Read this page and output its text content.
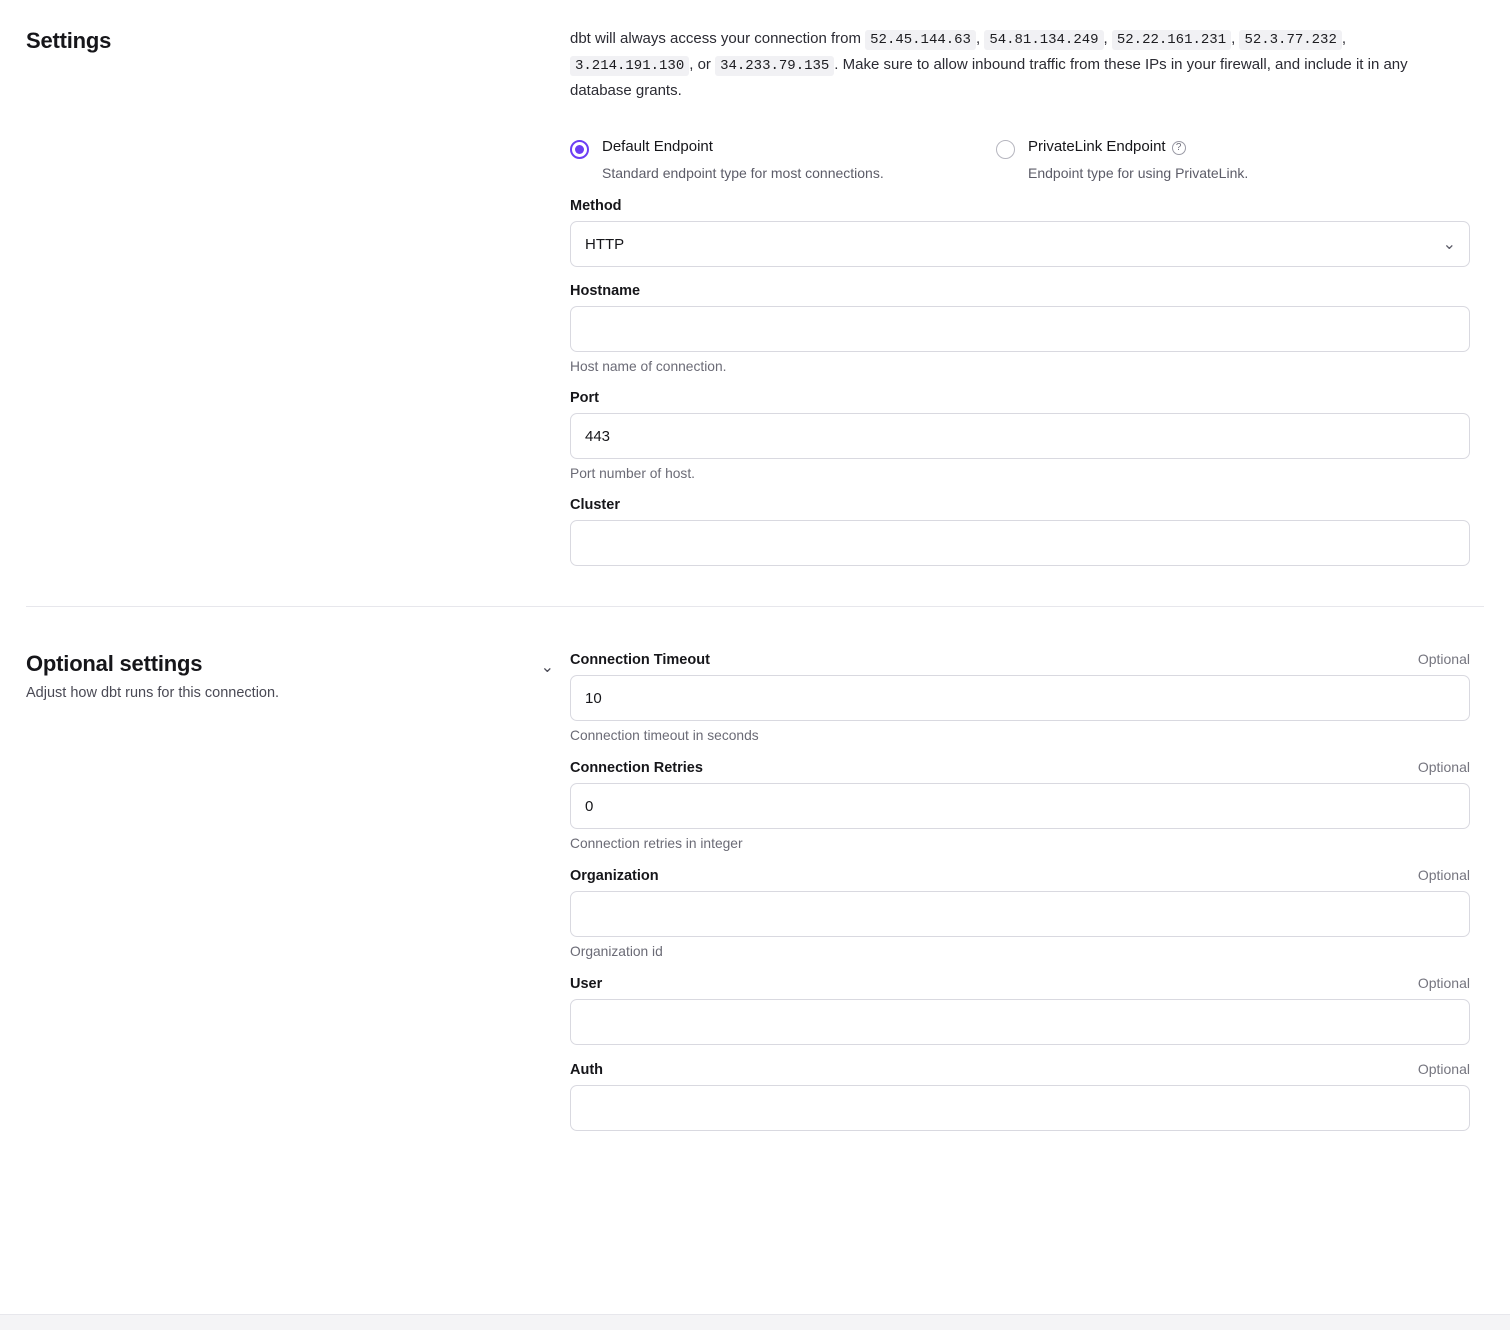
Settings	dbt will always access your connection from 52.45.144.63 , 54.81.134.249 , 52.22.161.231 , 52.3.77.232 , 3.214.191.130 , or 34.233.79.135 . Make sure to allow inbound traffic from these IPs in your firewall, and include it in any database grants.

Default Endpoint
Standard endpoint type for most connections.
PrivateLink Endpoint ?
Endpoint type for using PrivateLink.
Method
HTTP	⌄
Hostname
Host name of connection.
Port
443
Port number of host.
Cluster
Optional settings
Adjust how dbt runs for this connection.
⌄ Connection Timeout	Optional
10
Connection timeout in seconds
Connection Retries	Optional
0
Connection retries in integer
Organization	Optional
Organization id
User	Optional
Auth	Optional
